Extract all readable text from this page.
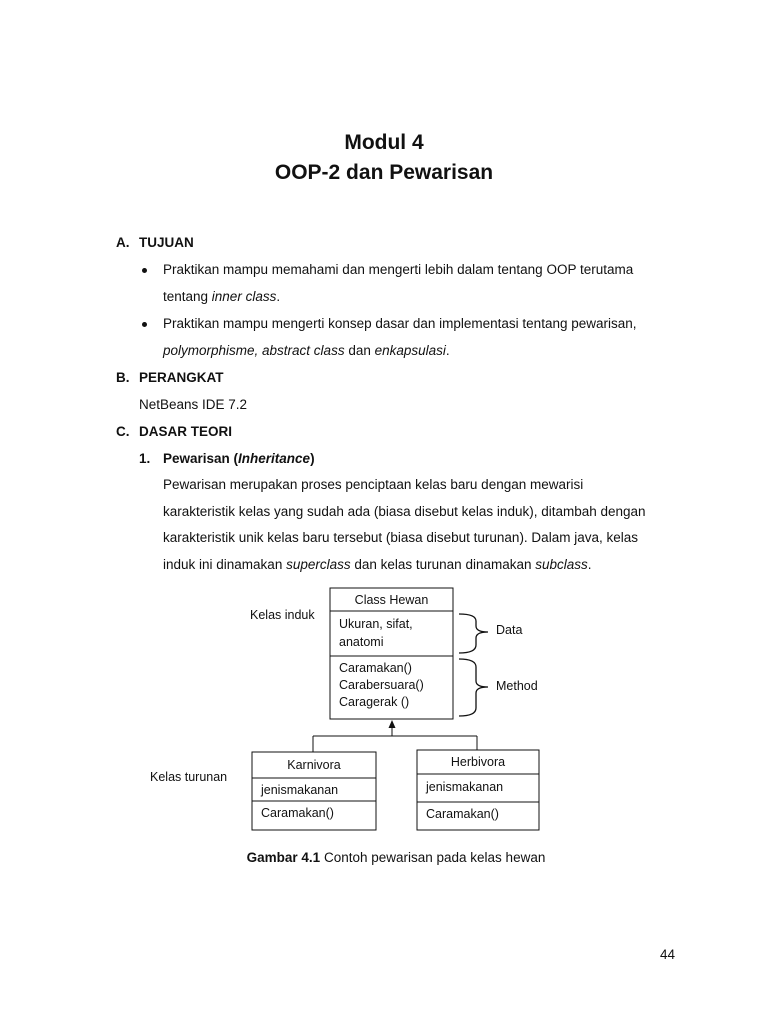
Modul 4
OOP-2 dan Pewarisan
A. TUJUAN
Praktikan mampu memahami dan mengerti lebih dalam tentang OOP terutama
tentang inner class.
Praktikan mampu mengerti konsep dasar dan implementasi tentang pewarisan,
polymorphisme, abstract class dan enkapsulasi.
B. PERANGKAT
NetBeans IDE 7.2
C. DASAR TEORI
1. Pewarisan (Inheritance)
Pewarisan merupakan proses penciptaan kelas baru dengan mewarisi
karakteristik kelas yang sudah ada (biasa disebut kelas induk), ditambah dengan
karakteristik unik kelas baru tersebut (biasa disebut turunan). Dalam java, kelas
induk ini dinamakan superclass dan kelas turunan dinamakan subclass.
Class Hewan
Ukuran, sifat,
anatomi
Caramakan()
Carabersuara()
Caragerak ()
Kelas induk
Kelas turunan
Data
Method
Karnivora
jenismakanan
Caramakan()
Herbivora
jenismakanan
Caramakan()
Gambar 4.1 Contoh pewarisan pada kelas hewan
44
